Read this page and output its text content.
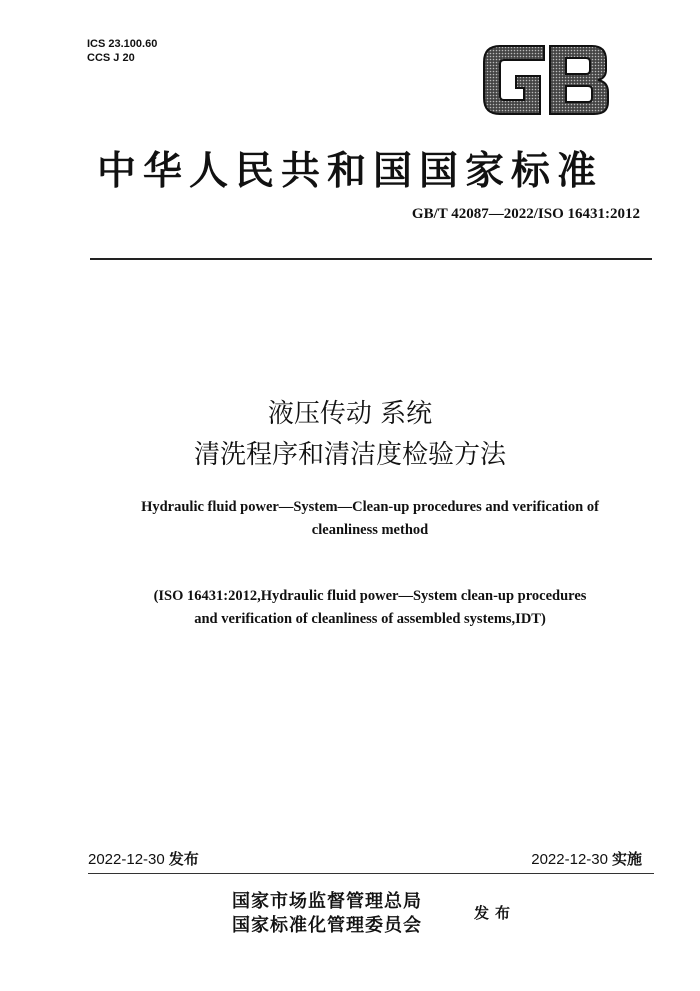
ICS 23.100.60
CCS J 20
中华人民共和国国家标准
GB/T 42087—2022/ISO 16431:2012
液压传动 系统
清洗程序和清洁度检验方法
Hydraulic fluid power—System—Clean-up procedures and verification of
cleanliness method
(ISO 16431:2012,Hydraulic fluid power—System clean-up procedures
and verification of cleanliness of assembled systems,IDT)
2022-12-30 发布	2022-12-30 实施
国家市场监督管理总局
国家标准化管理委员会
发布
